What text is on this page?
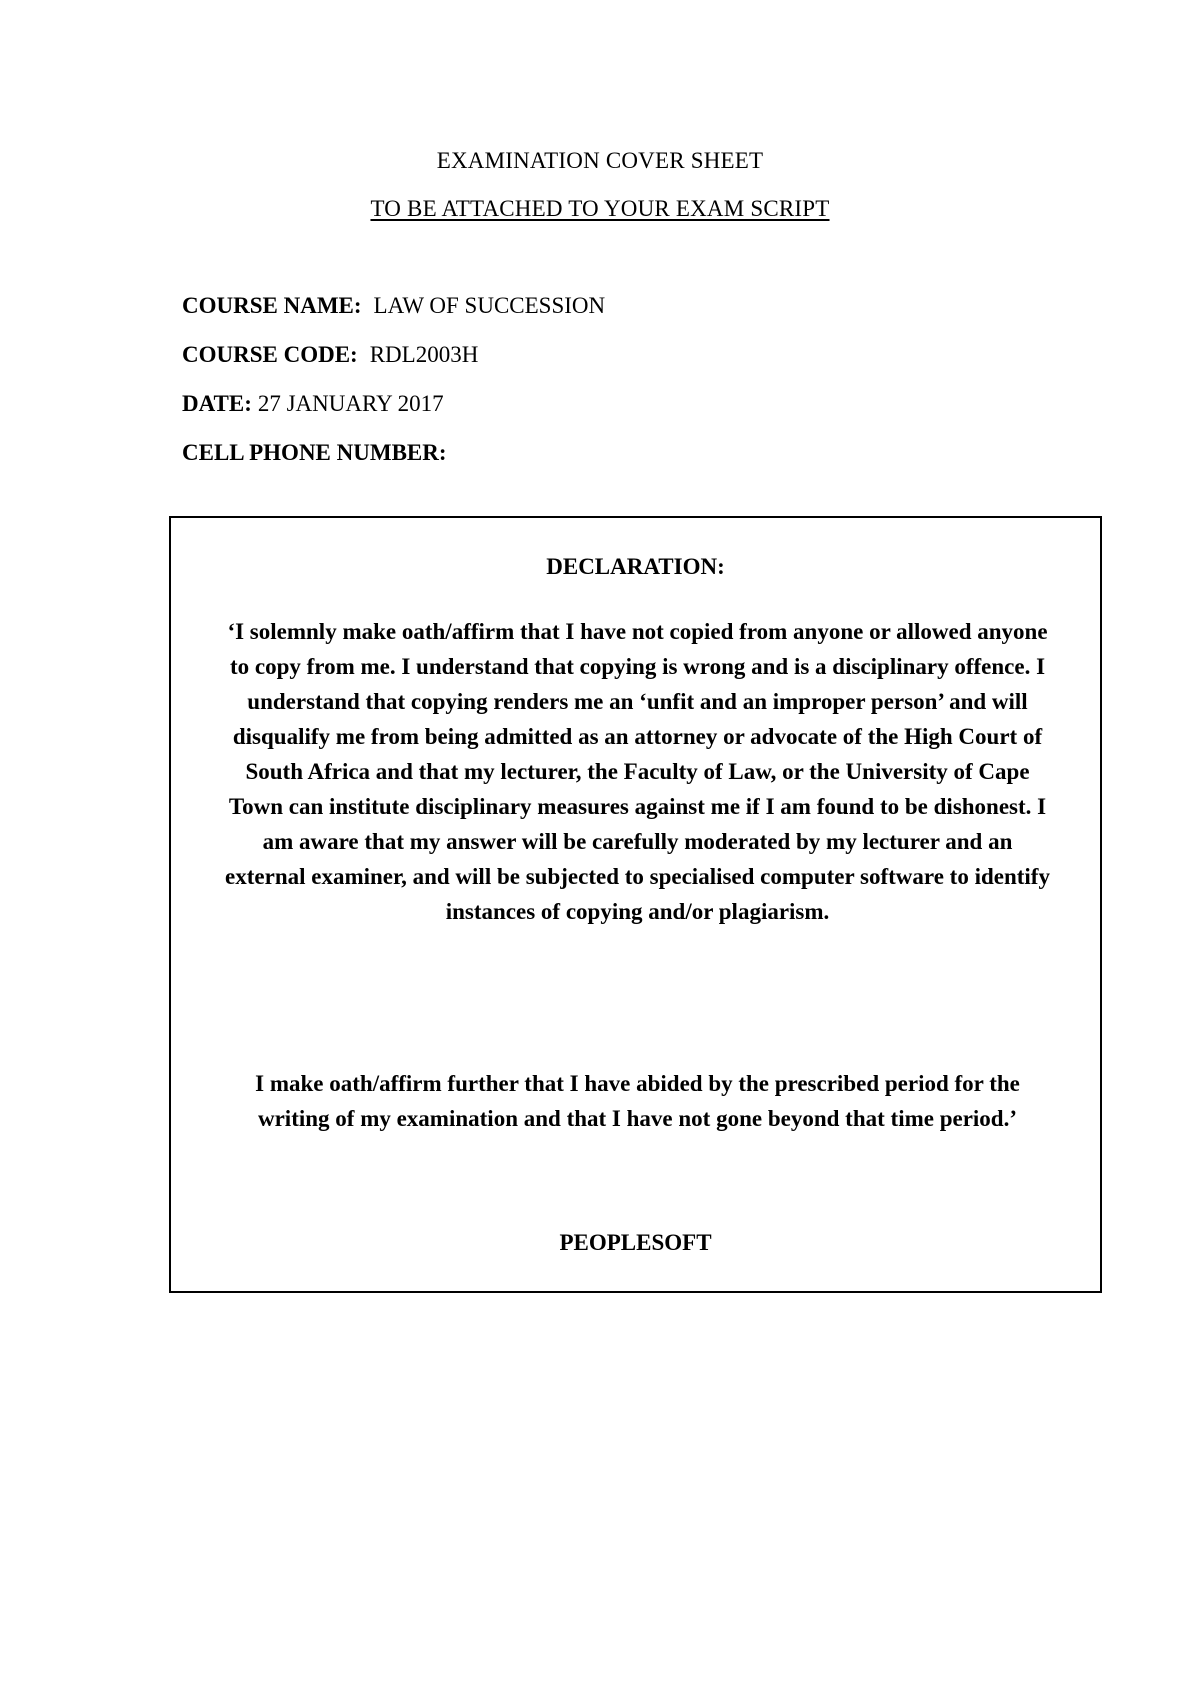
EXAMINATION COVER SHEET
TO BE ATTACHED TO YOUR EXAM SCRIPT
COURSE NAME: LAW OF SUCCESSION
COURSE CODE: RDL2003H
DATE: 27 JANUARY 2017
CELL PHONE NUMBER:
DECLARATION:

‘I solemnly make oath/affirm that I have not copied from anyone or allowed anyone to copy from me. I understand that copying is wrong and is a disciplinary offence. I understand that copying renders me an ‘unfit and an improper person’ and will disqualify me from being admitted as an attorney or advocate of the High Court of South Africa and that my lecturer, the Faculty of Law, or the University of Cape Town can institute disciplinary measures against me if I am found to be dishonest. I am aware that my answer will be carefully moderated by my lecturer and an external examiner, and will be subjected to specialised computer software to identify instances of copying and/or plagiarism.

I make oath/affirm further that I have abided by the prescribed period for the writing of my examination and that I have not gone beyond that time period.’

PEOPLESOFT
